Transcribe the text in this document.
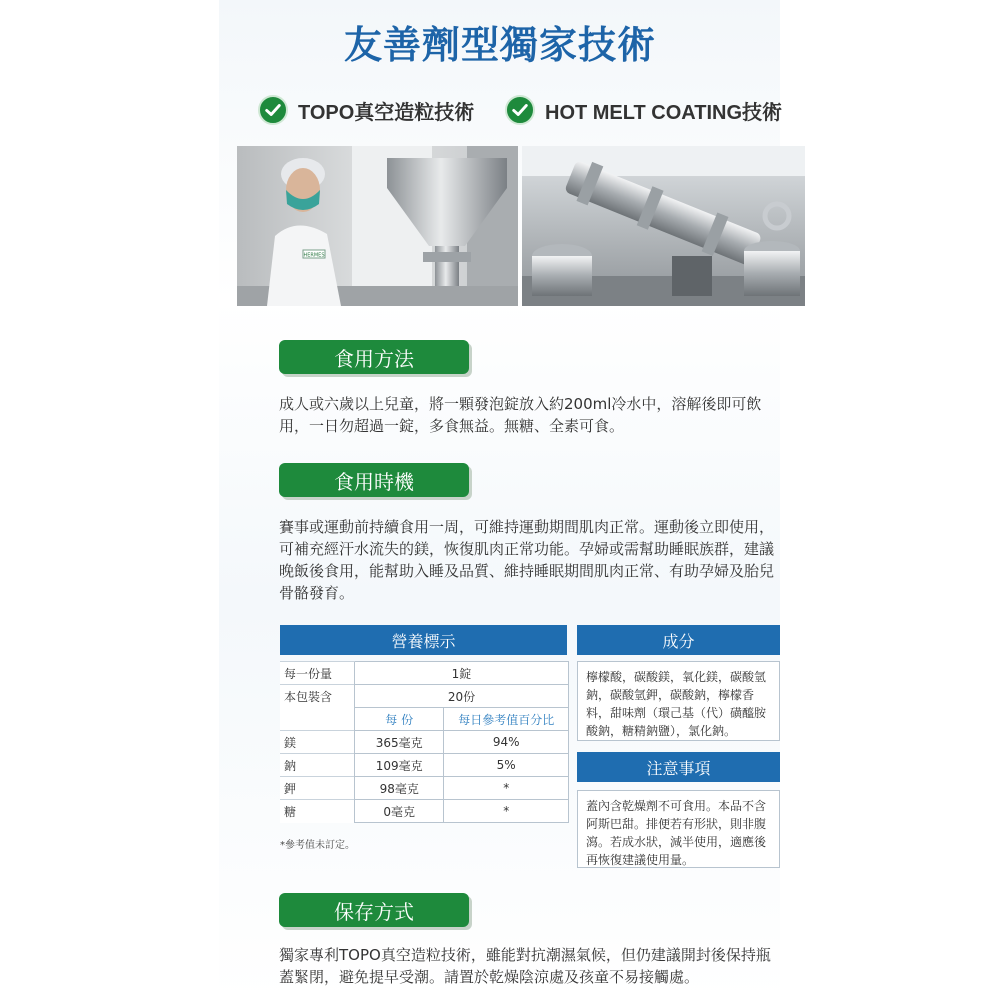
友善劑型獨家技術
TOPO真空造粒技術	HOT MELT COATING技術
HERMES
食用方法
成人或六歲以上兒童，將一顆發泡錠放入約200ml冷水中，溶解後即可飲用，一日勿超過一錠，多食無益。無糖、全素可食。
食用時機
賽事或運動前持續食用一周，可維持運動期間肌肉正常。運動後立即使用，可補充經汗水流失的鎂，恢復肌肉正常功能。孕婦或需幫助睡眠族群，建議晚飯後食用，能幫助入睡及品質、維持睡眠期間肌肉正常、有助孕婦及胎兒骨骼發育。
營養標示
每一份量	1錠	
本包裝含	20份	
	每 份	每日參考值百分比
鎂	365毫克	94%
鈉	109毫克	5%
鉀	98毫克	*
糖	0毫克	*
*參考值未訂定。
成分
檸檬酸，碳酸鎂，氧化鎂，碳酸氫鈉，碳酸氫鉀，碳酸鈉，檸檬香料，甜味劑（環己基（代）磺醯胺酸鈉，糖精鈉鹽），氯化鈉。
注意事項
蓋內含乾燥劑不可食用。本品不含阿斯巴甜。排便若有形狀，則非腹瀉。若成水狀，減半使用，適應後再恢復建議使用量。
保存方式
獨家專利TOPO真空造粒技術，雖能對抗潮濕氣候，但仍建議開封後保持瓶蓋緊閉，避免提早受潮。請置於乾燥陰涼處及孩童不易接觸處。
